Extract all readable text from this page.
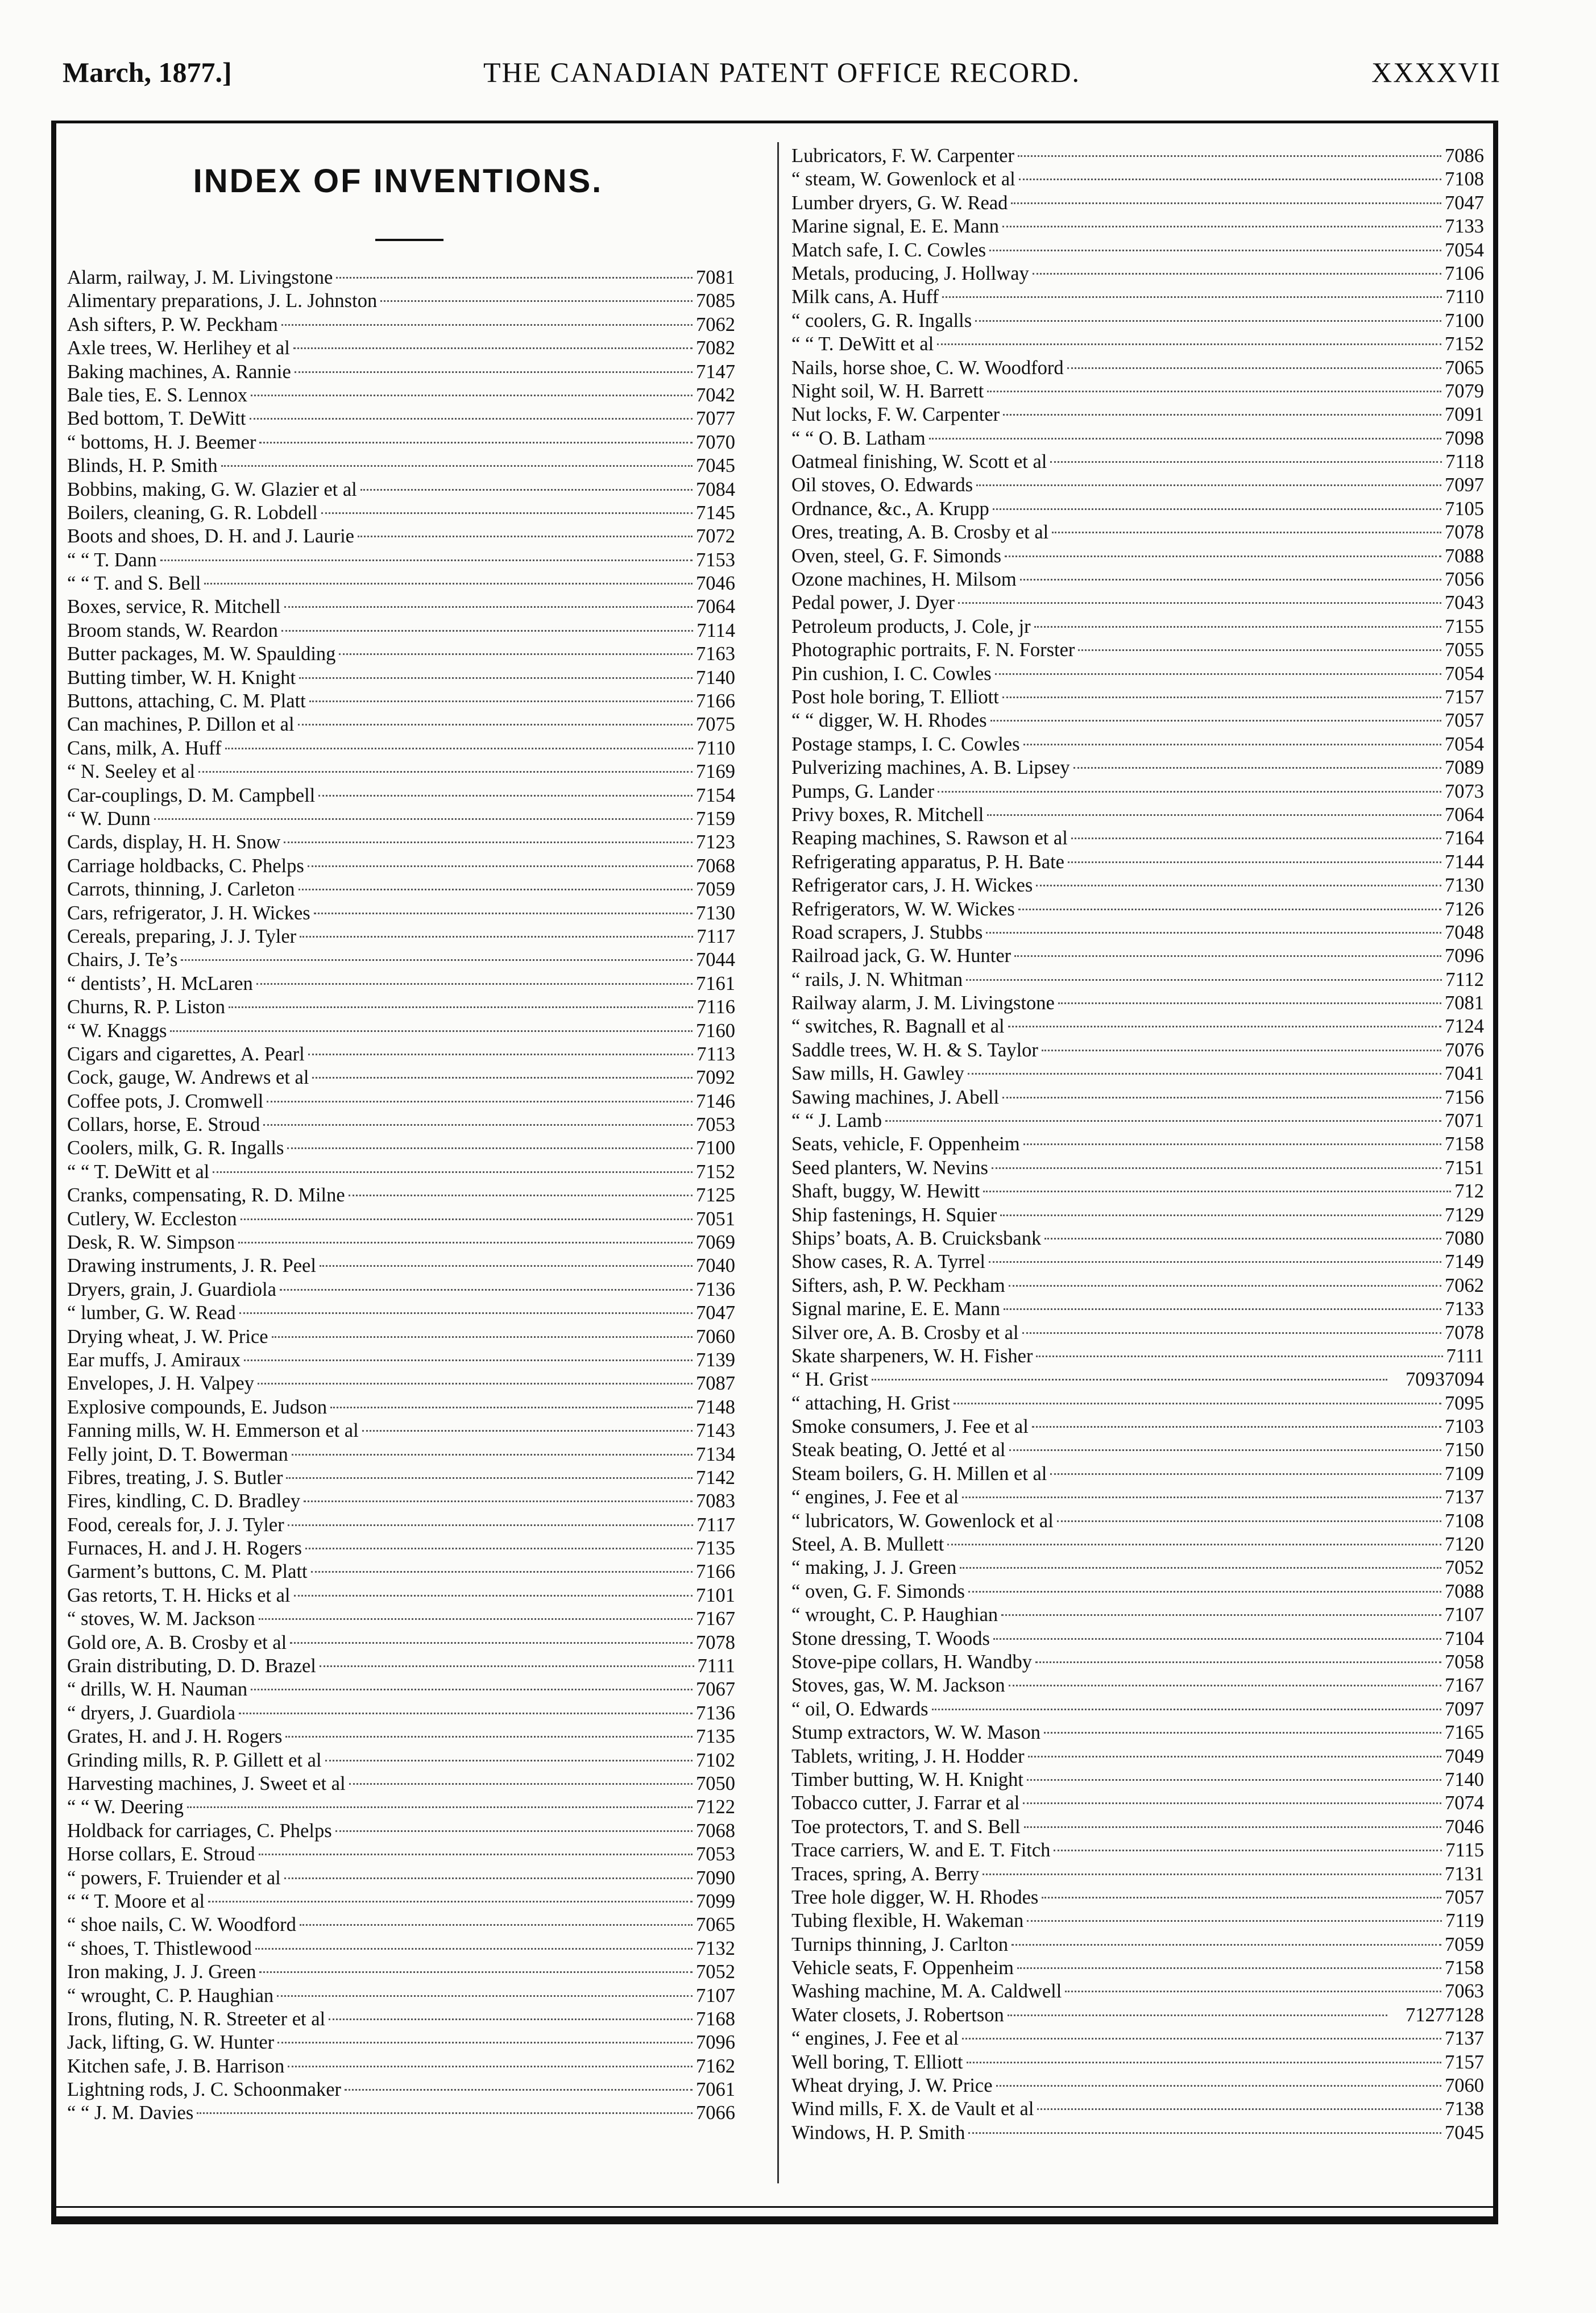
March, 1877.]	THE CANADIAN PATENT OFFICE RECORD.	XXXXVII
INDEX OF INVENTIONS.
Alarm, railway, J. M. Livingstone	7081
Alimentary preparations, J. L. Johnston	7085
Ash sifters, P. W. Peckham	7062
Axle trees, W. Herlihey et al	7082
Baking machines, A. Rannie	7147
Bale ties, E. S. Lennox	7042
Bed bottom, T. DeWitt	7077
“ bottoms, H. J. Beemer	7070
Blinds, H. P. Smith	7045
Bobbins, making, G. W. Glazier et al	7084
Boilers, cleaning, G. R. Lobdell	7145
Boots and shoes, D. H. and J. Laurie	7072
“ “ T. Dann	7153
“ “ T. and S. Bell	7046
Boxes, service, R. Mitchell	7064
Broom stands, W. Reardon	7114
Butter packages, M. W. Spaulding	7163
Butting timber, W. H. Knight	7140
Buttons, attaching, C. M. Platt	7166
Can machines, P. Dillon et al	7075
Cans, milk, A. Huff	7110
“ N. Seeley et al	7169
Car-couplings, D. M. Campbell	7154
“ W. Dunn	7159
Cards, display, H. H. Snow	7123
Carriage holdbacks, C. Phelps	7068
Carrots, thinning, J. Carleton	7059
Cars, refrigerator, J. H. Wickes	7130
Cereals, preparing, J. J. Tyler	7117
Chairs, J. Te’s	7044
“ dentists’, H. McLaren	7161
Churns, R. P. Liston	7116
“ W. Knaggs	7160
Cigars and cigarettes, A. Pearl	7113
Cock, gauge, W. Andrews et al	7092
Coffee pots, J. Cromwell	7146
Collars, horse, E. Stroud	7053
Coolers, milk, G. R. Ingalls	7100
“ “ T. DeWitt et al	7152
Cranks, compensating, R. D. Milne	7125
Cutlery, W. Eccleston	7051
Desk, R. W. Simpson	7069
Drawing instruments, J. R. Peel	7040
Dryers, grain, J. Guardiola	7136
“ lumber, G. W. Read	7047
Drying wheat, J. W. Price	7060
Ear muffs, J. Amiraux	7139
Envelopes, J. H. Valpey	7087
Explosive compounds, E. Judson	7148
Fanning mills, W. H. Emmerson et al	7143
Felly joint, D. T. Bowerman	7134
Fibres, treating, J. S. Butler	7142
Fires, kindling, C. D. Bradley	7083
Food, cereals for, J. J. Tyler	7117
Furnaces, H. and J. H. Rogers	7135
Garment’s buttons, C. M. Platt	7166
Gas retorts, T. H. Hicks et al	7101
“ stoves, W. M. Jackson	7167
Gold ore, A. B. Crosby et al	7078
Grain distributing, D. D. Brazel	7111
“ drills, W. H. Nauman	7067
“ dryers, J. Guardiola	7136
Grates, H. and J. H. Rogers	7135
Grinding mills, R. P. Gillett et al	7102
Harvesting machines, J. Sweet et al	7050
“ “ W. Deering	7122
Holdback for carriages, C. Phelps	7068
Horse collars, E. Stroud	7053
“ powers, F. Truiender et al	7090
“ “ T. Moore et al	7099
“ shoe nails, C. W. Woodford	7065
“ shoes, T. Thistlewood	7132
Iron making, J. J. Green	7052
“ wrought, C. P. Haughian	7107
Irons, fluting, N. R. Streeter et al	7168
Jack, lifting, G. W. Hunter	7096
Kitchen safe, J. B. Harrison	7162
Lightning rods, J. C. Schoonmaker	7061
“ “ J. M. Davies	7066
Lubricators, F. W. Carpenter	7086
“ steam, W. Gowenlock et al	7108
Lumber dryers, G. W. Read	7047
Marine signal, E. E. Mann	7133
Match safe, I. C. Cowles	7054
Metals, producing, J. Hollway	7106
Milk cans, A. Huff	7110
“ coolers, G. R. Ingalls	7100
“ “ T. DeWitt et al	7152
Nails, horse shoe, C. W. Woodford	7065
Night soil, W. H. Barrett	7079
Nut locks, F. W. Carpenter	7091
“ “ O. B. Latham	7098
Oatmeal finishing, W. Scott et al	7118
Oil stoves, O. Edwards	7097
Ordnance, &c., A. Krupp	7105
Ores, treating, A. B. Crosby et al	7078
Oven, steel, G. F. Simonds	7088
Ozone machines, H. Milsom	7056
Pedal power, J. Dyer	7043
Petroleum products, J. Cole, jr	7155
Photographic portraits, F. N. Forster	7055
Pin cushion, I. C. Cowles	7054
Post hole boring, T. Elliott	7157
“ “ digger, W. H. Rhodes	7057
Postage stamps, I. C. Cowles	7054
Pulverizing machines, A. B. Lipsey	7089
Pumps, G. Lander	7073
Privy boxes, R. Mitchell	7064
Reaping machines, S. Rawson et al	7164
Refrigerating apparatus, P. H. Bate	7144
Refrigerator cars, J. H. Wickes	7130
Refrigerators, W. W. Wickes	7126
Road scrapers, J. Stubbs	7048
Railroad jack, G. W. Hunter	7096
“ rails, J. N. Whitman	7112
Railway alarm, J. M. Livingstone	7081
“ switches, R. Bagnall et al	7124
Saddle trees, W. H. & S. Taylor	7076
Saw mills, H. Gawley	7041
Sawing machines, J. Abell	7156
“ “ J. Lamb	7071
Seats, vehicle, F. Oppenheim	7158
Seed planters, W. Nevins	7151
Shaft, buggy, W. Hewitt	712
Ship fastenings, H. Squier	7129
Ships’ boats, A. B. Cruicksbank	7080
Show cases, R. A. Tyrrel	7149
Sifters, ash, P. W. Peckham	7062
Signal marine, E. E. Mann	7133
Silver ore, A. B. Crosby et al	7078
Skate sharpeners, W. H. Fisher	7111
“ H. Grist	7093 7094
“ attaching, H. Grist	7095
Smoke consumers, J. Fee et al	7103
Steak beating, O. Jetté et al	7150
Steam boilers, G. H. Millen et al	7109
“ engines, J. Fee et al	7137
“ lubricators, W. Gowenlock et al	7108
Steel, A. B. Mullett	7120
“ making, J. J. Green	7052
“ oven, G. F. Simonds	7088
“ wrought, C. P. Haughian	7107
Stone dressing, T. Woods	7104
Stove-pipe collars, H. Wandby	7058
Stoves, gas, W. M. Jackson	7167
“ oil, O. Edwards	7097
Stump extractors, W. W. Mason	7165
Tablets, writing, J. H. Hodder	7049
Timber butting, W. H. Knight	7140
Tobacco cutter, J. Farrar et al	7074
Toe protectors, T. and S. Bell	7046
Trace carriers, W. and E. T. Fitch	7115
Traces, spring, A. Berry	7131
Tree hole digger, W. H. Rhodes	7057
Tubing flexible, H. Wakeman	7119
Turnips thinning, J. Carlton	7059
Vehicle seats, F. Oppenheim	7158
Washing machine, M. A. Caldwell	7063
Water closets, J. Robertson	7127 7128
“ engines, J. Fee et al	7137
Well boring, T. Elliott	7157
Wheat drying, J. W. Price	7060
Wind mills, F. X. de Vault et al	7138
Windows, H. P. Smith	7045
